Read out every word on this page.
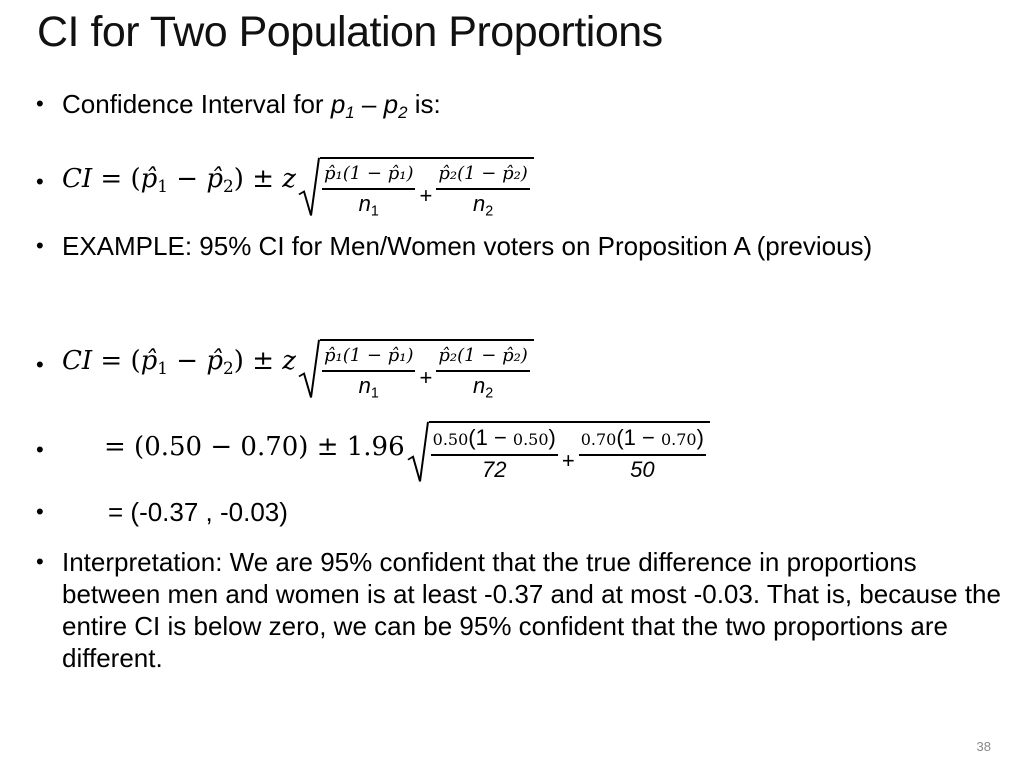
CI for Two Population Proportions
• Confidence Interval for $p_1 - p_2$ is:
• CI = ($p̂_1$ − $p̂_2) \pm z \frac{\text{p̂₁(1 − p̂₁)}}{n_1} + \frac{\text{p̂₂(1 − p̂₂)}}{n_2}$
• EXAMPLE: 95% CI for Men/Women voters on Proposition A (previous)
• CI = ($p̂_1$ − $p̂_2) \pm z \frac{\text{p̂₁(1 − p̂₁)}}{n_1} + \frac{\text{p̂₂(1 − p̂₂)}}{n_2}$
• = $(0.50 - 0.70) \pm 1.96 \frac{0.50(1 - 0.50)}{72} + \frac{0.70(1 - 0.70)}{50}$
• = (-0.37 , -0.03)
• Interpretation: We are 95% confident that the true difference in proportions between men and women is at least -0.37 and at most -0.03. That is, because the entire CI is below zero, we can be 95% confident that the two proportions are different.
38
